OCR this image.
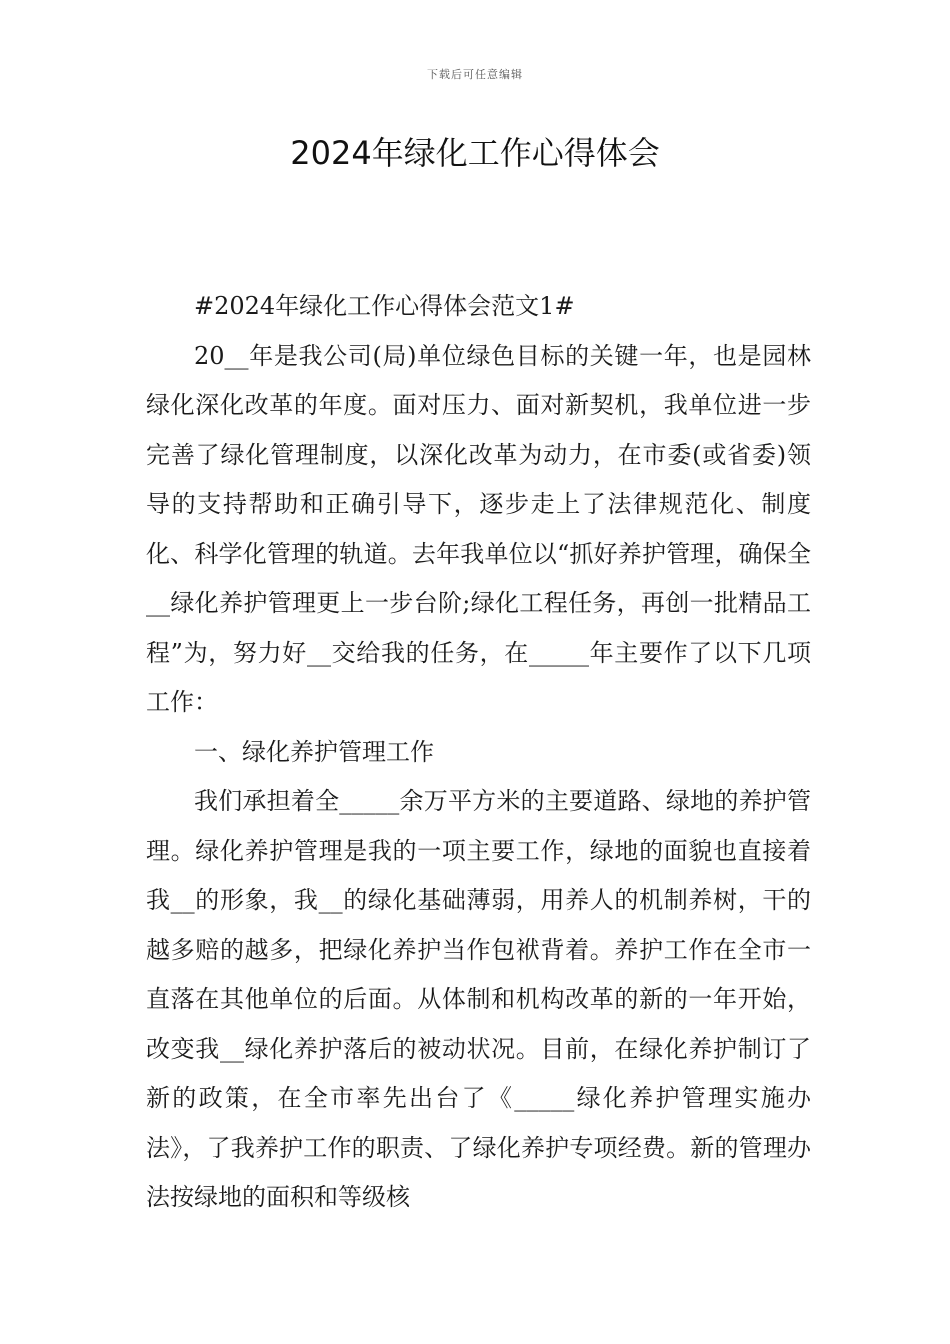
下载后可任意编辑
2024年绿化工作心得体会

#2024年绿化工作心得体会范文1#

20__年是我公司(局)单位绿色目标的关键一年，也是园林绿化深化改革的年度。面对压力、面对新契机，我单位进一步完善了绿化管理制度，以深化改革为动力，在市委(或省委)领导的支持帮助和正确引导下，逐步走上了法律规范化、制度化、科学化管理的轨道。去年我单位以“抓好养护管理，确保全__绿化养护管理更上一步台阶;绿化工程任务，再创一批精品工程”为，努力好__交给我的任务，在_____年主要作了以下几项工作：

一、绿化养护管理工作

我们承担着全_____余万平方米的主要道路、绿地的养护管理。绿化养护管理是我的一项主要工作，绿地的面貌也直接着我__的形象，我__的绿化基础薄弱，用养人的机制养树，干的越多赔的越多，把绿化养护当作包袱背着。养护工作在全市一直落在其他单位的后面。从体制和机构改革的新的一年开始，改变我__绿化养护落后的被动状况。目前，在绿化养护制订了新的政策，在全市率先出台了《_____绿化养护管理实施办法》，了我养护工作的职责、了绿化养护专项经费。新的管理办法按绿地的面积和等级核
